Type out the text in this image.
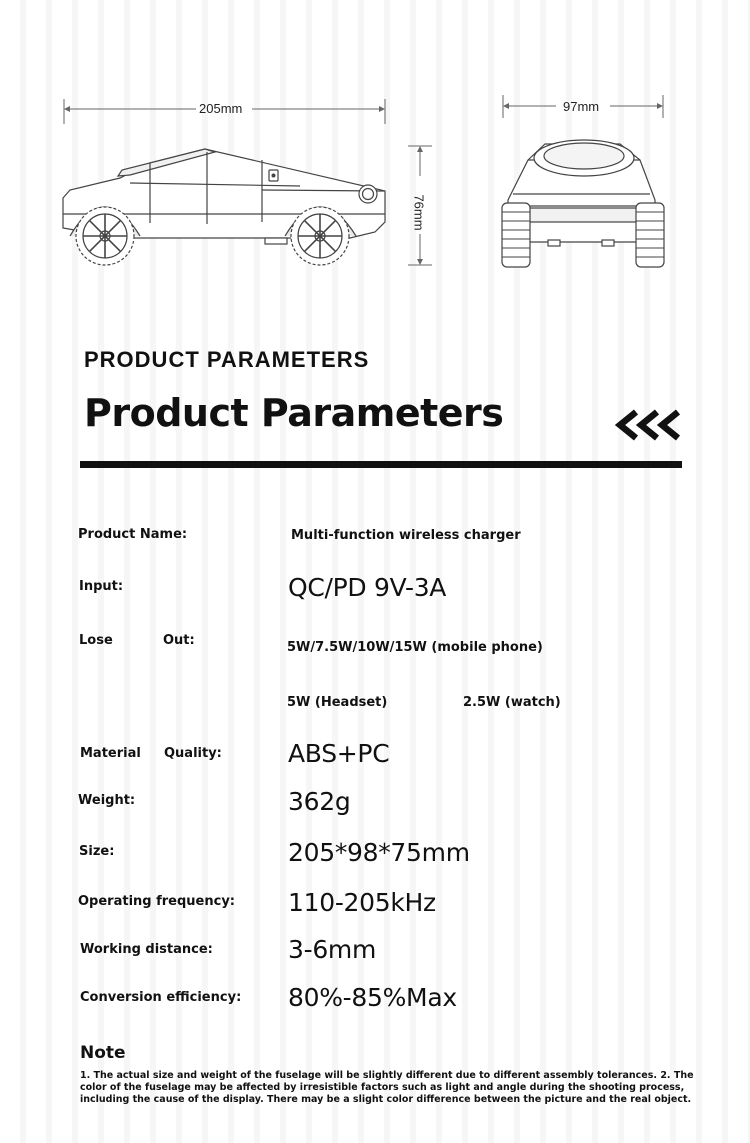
205mm	97mm
76mm
PRODUCT PARAMETERS
Product Parameters
Product Name:	Multi-function wireless charger
Input:	QC/PD 9V-3A
Lose	Out:	5W/7.5W/10W/15W (mobile phone)
5W (Headset)	2.5W (watch)
Material Quality:	ABS+PC
Weight:	362g
Size:	205*98*75mm
Operating frequency: 110-205kHz
Working distance:	3-6mm
Conversion efficiency: 80%-85%Max
Note
1. The actual size and weight of the fuselage will be slightly different due to different assembly tolerances. 2. The color of the fuselage may be affected by irresistible factors such as light and angle during the shooting process, including the cause of the display. There may be a slight color difference between the picture and the real object.
